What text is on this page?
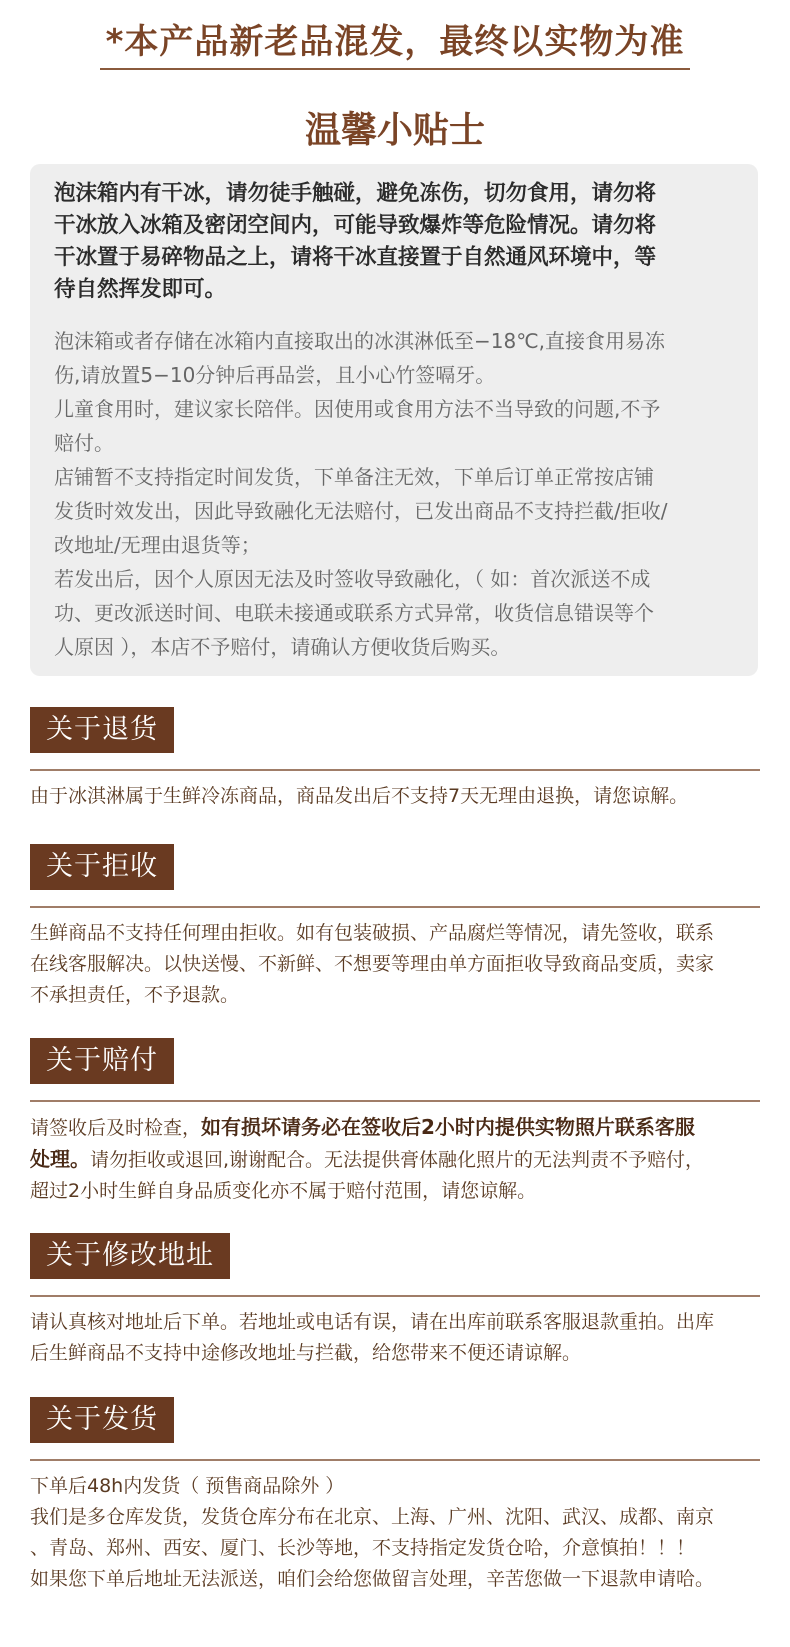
*本产品新老品混发，最终以实物为准
温馨小贴士
泡沫箱内有干冰，请勿徒手触碰，避免冻伤，切勿食用，请勿将
干冰放入冰箱及密闭空间内，可能导致爆炸等危险情况。请勿将
干冰置于易碎物品之上，请将干冰直接置于自然通风环境中，等
待自然挥发即可。
泡沫箱或者存储在冰箱内直接取出的冰淇淋低至−18℃,直接食用易冻
伤,请放置5−10分钟后再品尝，且小心竹签嗝牙。
儿童食用时，建议家长陪伴。因使用或食用方法不当导致的问题,不予
赔付。
店铺暂不支持指定时间发货，下单备注无效，下单后订单正常按店铺
发货时效发出，因此导致融化无法赔付，已发出商品不支持拦截/拒收/
改地址/无理由退货等；
若发出后，因个人原因无法及时签收导致融化，（ 如：首次派送不成
功、更改派送时间、电联未接通或联系方式异常，收货信息错误等个
人原因 ），本店不予赔付，请确认方便收货后购买。
关于退货
由于冰淇淋属于生鲜冷冻商品，商品发出后不支持7天无理由退换，请您谅解。
关于拒收
生鲜商品不支持任何理由拒收。如有包装破损、产品腐烂等情况，请先签收，联系
在线客服解决。以快送慢、不新鲜、不想要等理由单方面拒收导致商品变质，卖家
不承担责任，不予退款。
关于赔付
请签收后及时检查，如有损坏请务必在签收后2小时内提供实物照片联系客服
处理。请勿拒收或退回,谢谢配合。无法提供膏体融化照片的无法判责不予赔付，
超过2小时生鲜自身品质变化亦不属于赔付范围，请您谅解。
关于修改地址
请认真核对地址后下单。若地址或电话有误，请在出库前联系客服退款重拍。出库
后生鲜商品不支持中途修改地址与拦截，给您带来不便还请谅解。
关于发货
下单后48h内发货（ 预售商品除外 ）
我们是多仓库发货，发货仓库分布在北京、上海、广州、沈阳、武汉、成都、南京
、青岛、郑州、西安、厦门、长沙等地，不支持指定发货仓哈，介意慎拍！！！
如果您下单后地址无法派送，咱们会给您做留言处理，辛苦您做一下退款申请哈。
